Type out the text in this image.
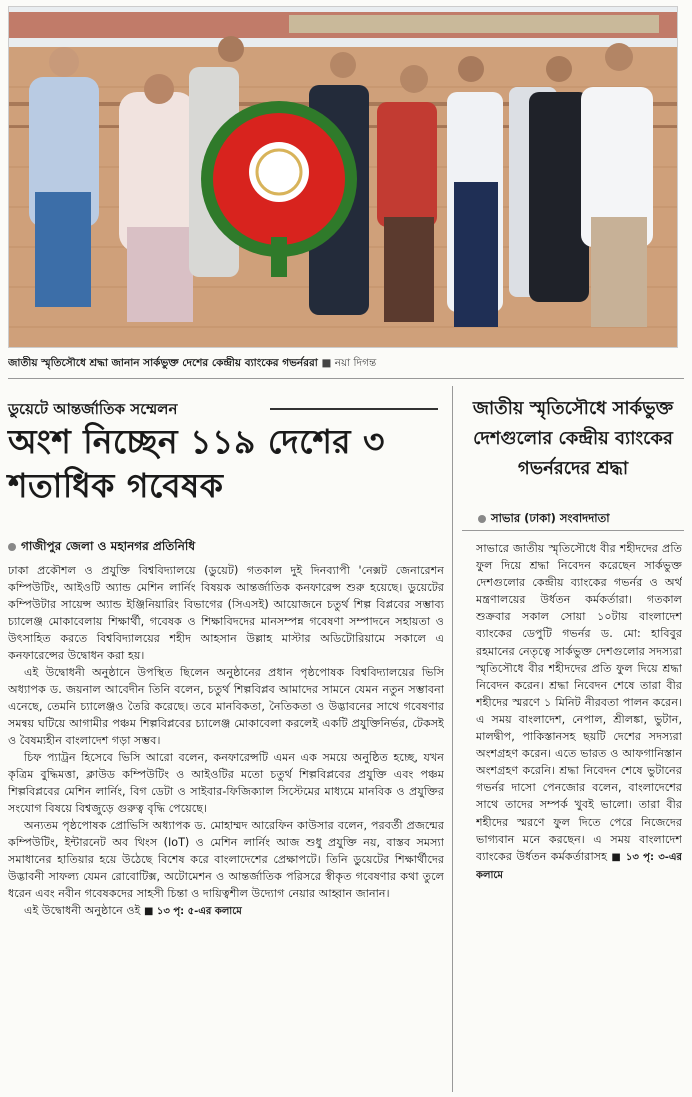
জাতীয় স্মৃতিসৌধে শ্রদ্ধা জানান সার্কভুক্ত দেশের কেন্দ্রীয় ব্যাংকের গভর্নররা ■ নয়া দিগন্ত
ডুয়েটে আন্তর্জাতিক সম্মেলন
অংশ নিচ্ছেন ১১৯ দেশের ৩ শতাধিক গবেষক
গাজীপুর জেলা ও মহানগর প্রতিনিধি

ঢাকা প্রকৌশল ও প্রযুক্তি বিশ্ববিদ্যালয়ে (ডুয়েট) গতকাল দুই দিনব্যাপী 'নেক্সট জেনারেশন কম্পিউটিং, আইওটি অ্যান্ড মেশিন লার্নিং বিষয়ক আন্তর্জাতিক কনফারেন্স শুরু হয়েছে। ডুয়েটের কম্পিউটার সায়েন্স অ্যান্ড ইঞ্জিনিয়ারিং বিভাগের (সিএসই) আয়োজনে চতুর্থ শিল্প বিপ্লবের সম্ভাব্য চ্যালেঞ্জ মোকাবেলায় শিক্ষার্থী, গবেষক ও শিক্ষাবিদদের মানসম্পন্ন গবেষণা সম্পাদনে সহায়তা ও উৎসাহিত করতে বিশ্ববিদ্যালয়ের শহীদ আহসান উল্লাহ মাস্টার অডিটোরিয়ামে সকালে এ কনফারেন্সের উদ্বোধন করা হয়।

এই উদ্বোধনী অনুষ্ঠানে উপস্থিত ছিলেন অনুষ্ঠানের প্রধান পৃষ্ঠপোষক বিশ্ববিদ্যালয়ের ভিসি অধ্যাপক ড. জয়নাল আবেদীন তিনি বলেন, চতুর্থ শিল্পবিপ্লব আমাদের সামনে যেমন নতুন সম্ভাবনা এনেছে, তেমনি চ্যালেঞ্জও তৈরি করেছে। তবে মানবিকতা, নৈতিকতা ও উদ্ভাবনের সাথে গবেষণার সমন্বয় ঘটিয়ে আগামীর পঞ্চম শিল্পবিপ্লবের চ্যালেঞ্জ মোকাবেলা করলেই একটি প্রযুক্তিনির্ভর, টেকসই ও বৈষম্যহীন বাংলাদেশ গড়া সম্ভব।

চিফ প্যাট্রন হিসেবে ভিসি আরো বলেন, কনফারেন্সটি এমন এক সময়ে অনুষ্ঠিত হচ্ছে, যখন কৃত্রিম বুদ্ধিমত্তা, ক্লাউড কম্পিউটিং ও আইওটির মতো চতুর্থ শিল্পবিপ্লবের প্রযুক্তি এবং পঞ্চম শিল্পবিপ্লবের মেশিন লার্নিং, বিগ ডেটা ও সাইবার-ফিজিক্যাল সিস্টেমের মাধ্যমে মানবিক ও প্রযুক্তির সংযোগ বিষয়ে বিশ্বজুড়ে গুরুত্ব বৃদ্ধি পেয়েছে।

অন্যতম পৃষ্ঠপোষক প্রোভিসি অধ্যাপক ড. মোহাম্মদ আরেফিন কাউসার বলেন, পরবর্তী প্রজন্মের কম্পিউটিং, ইন্টারনেট অব থিংস (IoT) ও মেশিন লার্নিং আজ শুধু প্রযুক্তি নয়, বাস্তব সমস্যা সমাধানের হাতিয়ার হয়ে উঠেছে বিশেষ করে বাংলাদেশের প্রেক্ষাপটে। তিনি ডুয়েটের শিক্ষার্থীদের উদ্ভাবনী সাফল্য যেমন রোবোটিক্স, অটোমেশন ও আন্তর্জাতিক পরিসরে স্বীকৃত গবেষণার কথা তুলে ধরেন এবং নবীন গবেষকদের সাহসী চিন্তা ও দায়িত্বশীল উদ্যোগ নেয়ার আহ্বান জানান।

এই উদ্বোধনী অনুষ্ঠানে ওই ■ ১৩ পৃ: ৫-এর কলামে

জাতীয় স্মৃতিসৌধে সার্কভুক্ত দেশগুলোর কেন্দ্রীয় ব্যাংকের গভর্নরদের শ্রদ্ধা
সাভার (ঢাকা) সংবাদদাতা

সাভারে জাতীয় স্মৃতিসৌধে বীর শহীদদের প্রতি ফুল দিয়ে শ্রদ্ধা নিবেদন করেছেন সার্কভুক্ত দেশগুলোর কেন্দ্রীয় ব্যাংকের গভর্নর ও অর্থ মন্ত্রণালয়ের উর্ধতন কর্মকর্তারা। গতকাল শুক্রবার সকাল সোয়া ১০টায় বাংলাদেশ ব্যাংকের ডেপুটি গভর্নর ড. মো: হাবিবুর রহমানের নেতৃত্বে সার্কভুক্ত দেশগুলোর সদস্যরা স্মৃতিসৌধে বীর শহীদদের প্রতি ফুল দিয়ে শ্রদ্ধা নিবেদন করেন। শ্রদ্ধা নিবেদন শেষে তারা বীর শহীদের স্মরণে ১ মিনিট নীরবতা পালন করেন। এ সময় বাংলাদেশ, নেপাল, শ্রীলঙ্কা, ভুটান, মালদ্বীপ, পাকিস্তানসহ ছয়টি দেশের সদস্যরা অংশগ্রহণ করেন। এতে ভারত ও আফগানিস্তান অংশগ্রহণ করেনি। শ্রদ্ধা নিবেদন শেষে ভুটানের গভর্নর দাসো পেনজোর বলেন, বাংলাদেশের সাথে তাদের সম্পর্ক খুবই ভালো। তারা বীর শহীদের স্মরণে ফুল দিতে পেরে নিজেদের ভাগ্যবান মনে করছেন। এ সময় বাংলাদেশ ব্যাংকের উর্ধতন কর্মকর্তারাসহ ■ ১৩ পৃ: ৩-এর কলামে
